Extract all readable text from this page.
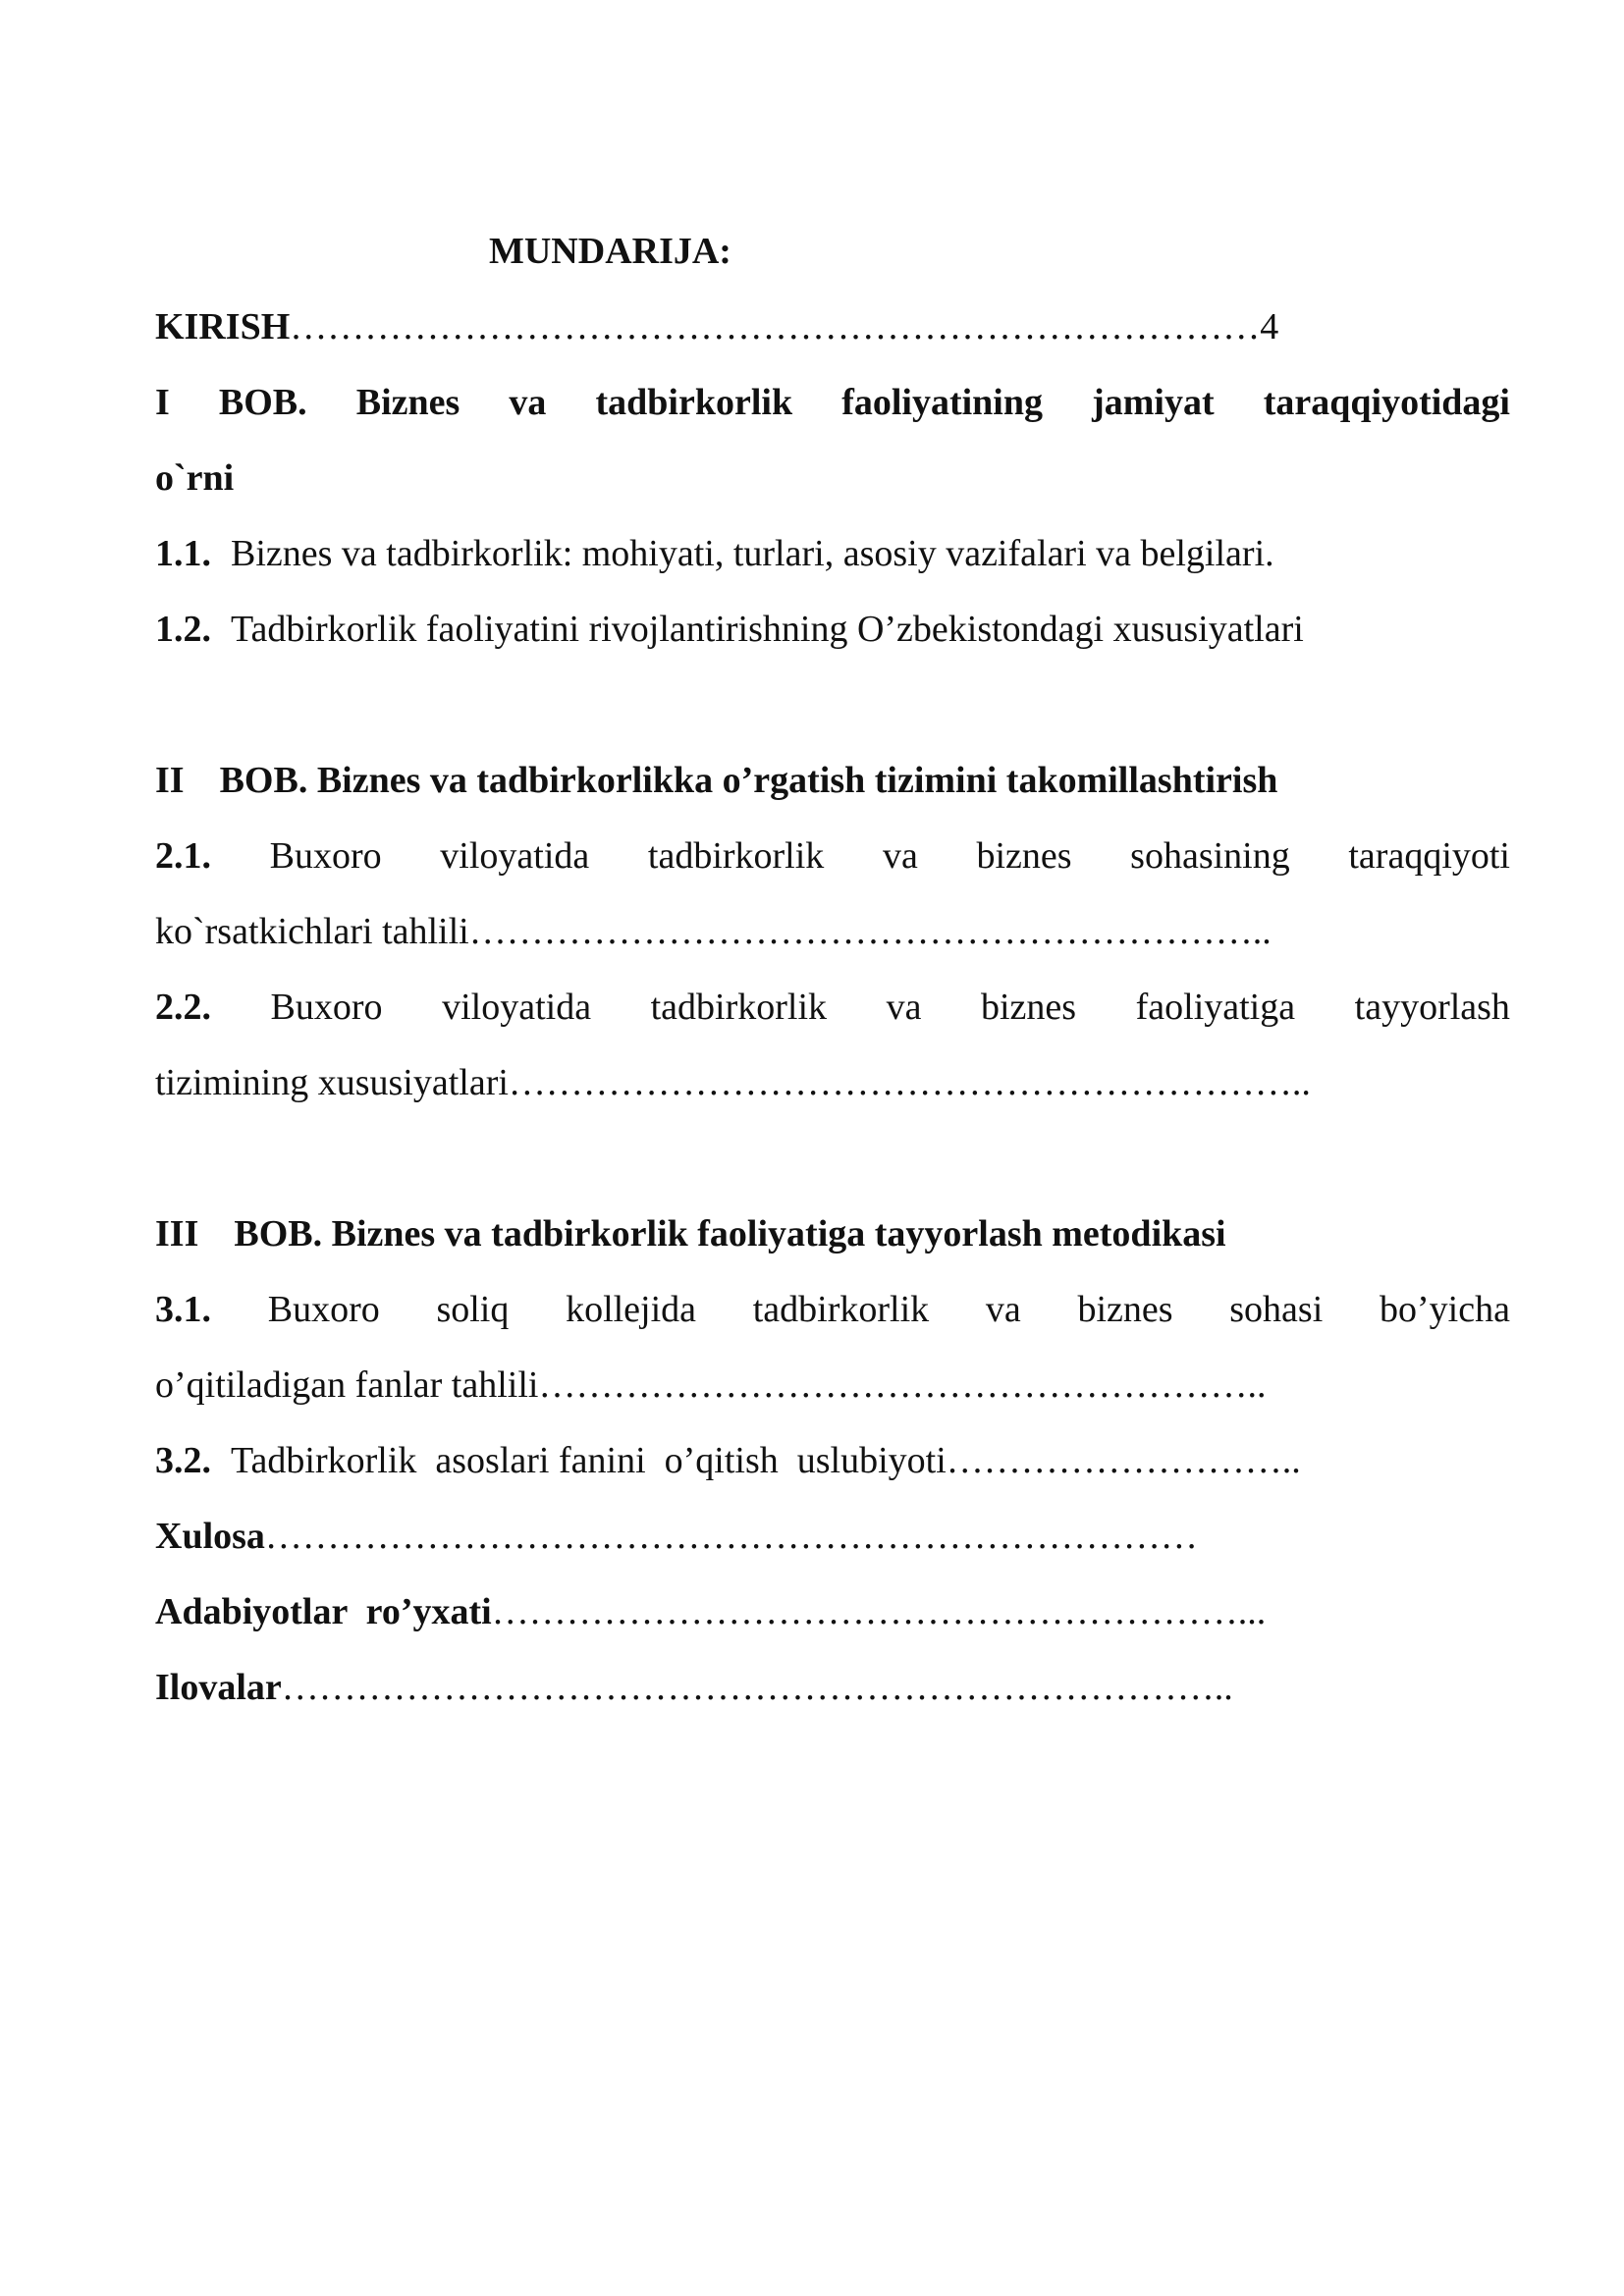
MUNDARIJA:
KIRISH……………………………………………………………………4
I BOB. Biznes va tadbirkorlik faoliyatining jamiyat taraqqiyotidagi
o`rni
1.1. Biznes va tadbirkorlik: mohiyati, turlari, asosiy vazifalari va belgilari.
1.2. Tadbirkorlik faoliyatini rivojlantirishning O’zbekistondagi xususiyatlari
II BOB. Biznes va tadbirkorlikka o’rgatish tizimini takomillashtirish
2.1. Buxoro viloyatida tadbirkorlik va biznes sohasining taraqqiyoti
ko`rsatkichlari tahlili………………………………………………………..
2.2. Buxoro viloyatida tadbirkorlik va biznes faoliyatiga tayyorlash
tizimining xususiyatlari………………………………………………………..
III BOB. Biznes va tadbirkorlik faoliyatiga tayyorlash metodikasi
3.1. Buxoro soliq kollejida tadbirkorlik va biznes sohasi bo’yicha
o’qitiladigan fanlar tahlili…………………………………………………..
3.2. Tadbirkorlik  asoslari fanini  o’qitish  uslubiyoti………………………..
Xulosa…………………………………………………………………
Adabiyotlar  ro’yxati……………………………………………………...
Ilovalar…………………………………………………………………..
